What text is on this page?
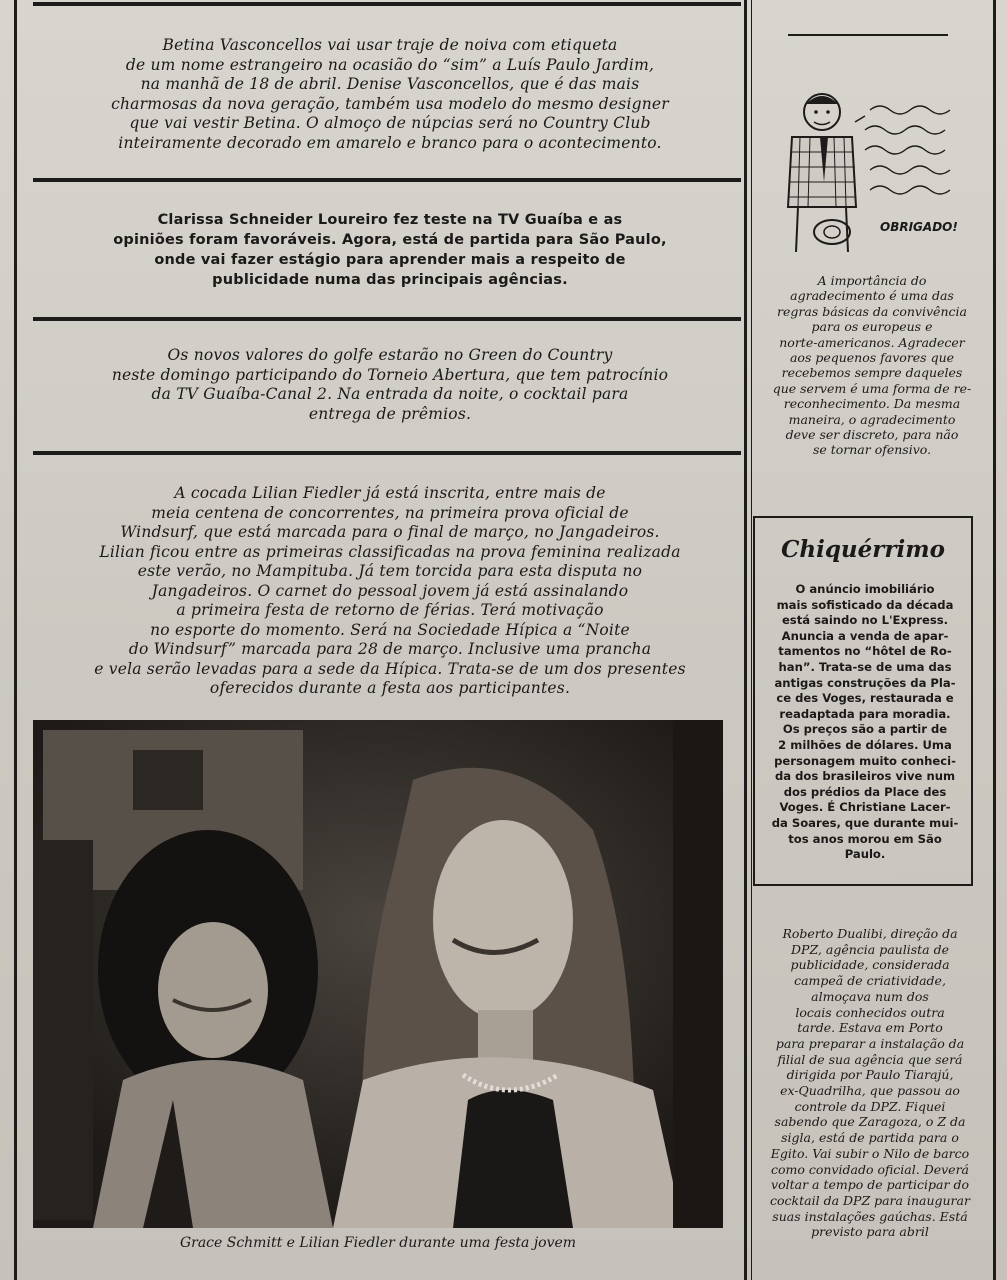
Betina Vasconcellos vai usar traje de noiva com etiqueta
de um nome estrangeiro na ocasião do “sim” a Luís Paulo Jardim,
na manhã de 18 de abril. Denise Vasconcellos, que é das mais
charmosas da nova geração, também usa modelo do mesmo designer
que vai vestir Betina. O almoço de núpcias será no Country Club
inteiramente decorado em amarelo e branco para o acontecimento.

Clarissa Schneider Loureiro fez teste na TV Guaíba e as
opiniões foram favoráveis. Agora, está de partida para São Paulo,
onde vai fazer estágio para aprender mais a respeito de
publicidade numa das principais agências.

Os novos valores do golfe estarão no Green do Country
neste domingo participando do Torneio Abertura, que tem patrocínio
da TV Guaíba-Canal 2. Na entrada da noite, o cocktail para
entrega de prêmios.

A cocada Lilian Fiedler já está inscrita, entre mais de
meia centena de concorrentes, na primeira prova oficial de
Windsurf, que está marcada para o final de março, no Jangadeiros.
Lilian ficou entre as primeiras classificadas na prova feminina realizada
este verão, no Mampituba. Já tem torcida para esta disputa no
Jangadeiros. O carnet do pessoal jovem já está assinalando
a primeira festa de retorno de férias. Terá motivação
no esporte do momento. Será na Sociedade Hípica a “Noite
do Windsurf” marcada para 28 de março. Inclusive uma prancha
e vela serão levadas para a sede da Hípica. Trata-se de um dos presentes
oferecidos durante a festa aos participantes.

Grace Schmitt e Lilian Fiedler durante uma festa jovem

OBRIGADO!

A importância do
agradecimento é uma das
regras básicas da convivência
para os europeus e
norte-americanos. Agradecer
aos pequenos favores que
recebemos sempre daqueles
que servem é uma forma de re-
reconhecimento. Da mesma
maneira, o agradecimento
deve ser discreto, para não
se tornar ofensivo.

Chiquérrimo

O anúncio imobiliário
mais sofisticado da década
está saindo no L'Express.
Anuncia a venda de apar-
tamentos no “hôtel de Ro-
han”. Trata-se de uma das
antigas construções da Pla-
ce des Voges, restaurada e
readaptada para moradia.
Os preços são a partir de
2 milhões de dólares. Uma
personagem muito conheci-
da dos brasileiros vive num
dos prédios da Place des
Voges. É Christiane Lacer-
da Soares, que durante mui-
tos anos morou em São
Paulo.

Roberto Dualibi, direção da
DPZ, agência paulista de
publicidade, considerada
campeã de criatividade,
almoçava num dos
locais conhecidos outra
tarde. Estava em Porto
para preparar a instalação da
filial de sua agência que será
dirigida por Paulo Tiarajú,
ex-Quadrilha, que passou ao
controle da DPZ. Fiquei
sabendo que Zaragoza, o Z da
sigla, está de partida para o
Egito. Vai subir o Nilo de barco
como convidado oficial. Deverá
voltar a tempo de participar do
cocktail da DPZ para inaugurar
suas instalações gaúchas. Está
previsto para abril
